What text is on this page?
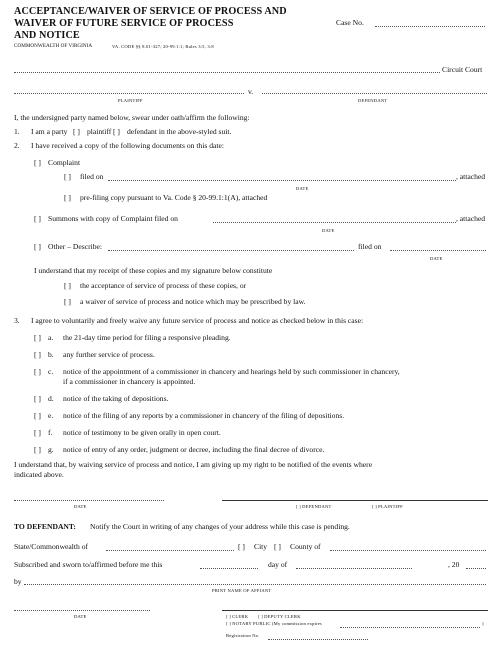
ACCEPTANCE/WAIVER OF SERVICE OF PROCESS AND
WAIVER OF FUTURE SERVICE OF PROCESS
AND NOTICE
Case No.
COMMONWEALTH OF VIRGINIA	VA. CODE §§ 8.01-327; 20-99.1:1; Rules 3:5, 3:8
Circuit Court
v.
PLAINTIFF	DEFENDANT
I, the undersigned party named below, swear under oath/affirm the following:
1. I am a party [ ] plaintiff [ ] defendant in the above-styled suit.
2. I have received a copy of the following documents on this date:
[ ] Complaint
[ ] filed on	, attached
DATE
[ ] pre-filing copy pursuant to Va. Code § 20-99.1:1(A), attached
[ ] Summons with copy of Complaint filed on	, attached
DATE
[ ] Other – Describe:	filed on
DATE
I understand that my receipt of these copies and my signature below constitute
[ ] the acceptance of service of process of these copies, or
[ ] a waiver of service of process and notice which may be prescribed by law.
3. I agree to voluntarily and freely waive any future service of process and notice as checked below in this case:
[ ] a. the 21-day time period for filing a responsive pleading.
[ ] b. any further service of process.
[ ] c. notice of the appointment of a commissioner in chancery and hearings held by such commissioner in chancery,
if a commissioner in chancery is appointed.
[ ] d. notice of the taking of depositions.
[ ] e. notice of the filing of any reports by a commissioner in chancery of the filing of depositions.
[ ] f. notice of testimony to be given orally in open court.
[ ] g. notice of entry of any order, judgment or decree, including the final decree of divorce.
I understand that, by waiving service of process and notice, I am giving up my right to be notified of the events where
indicated above.
DATE	[ ] DEFENDANT	[ ] PLAINTIFF
TO DEFENDANT: Notify the Court in writing of any changes of your address while this case is pending.
State/Commonwealth of	[ ] City [ ] County of
Subscribed and sworn to/affirmed before me this	day of	, 20
by
PRINT NAME OF AFFIANT
DATE	[ ] CLERK [ ] DEPUTY CLERK
[ ] NOTARY PUBLIC (My commission expires	)
Registration No.
